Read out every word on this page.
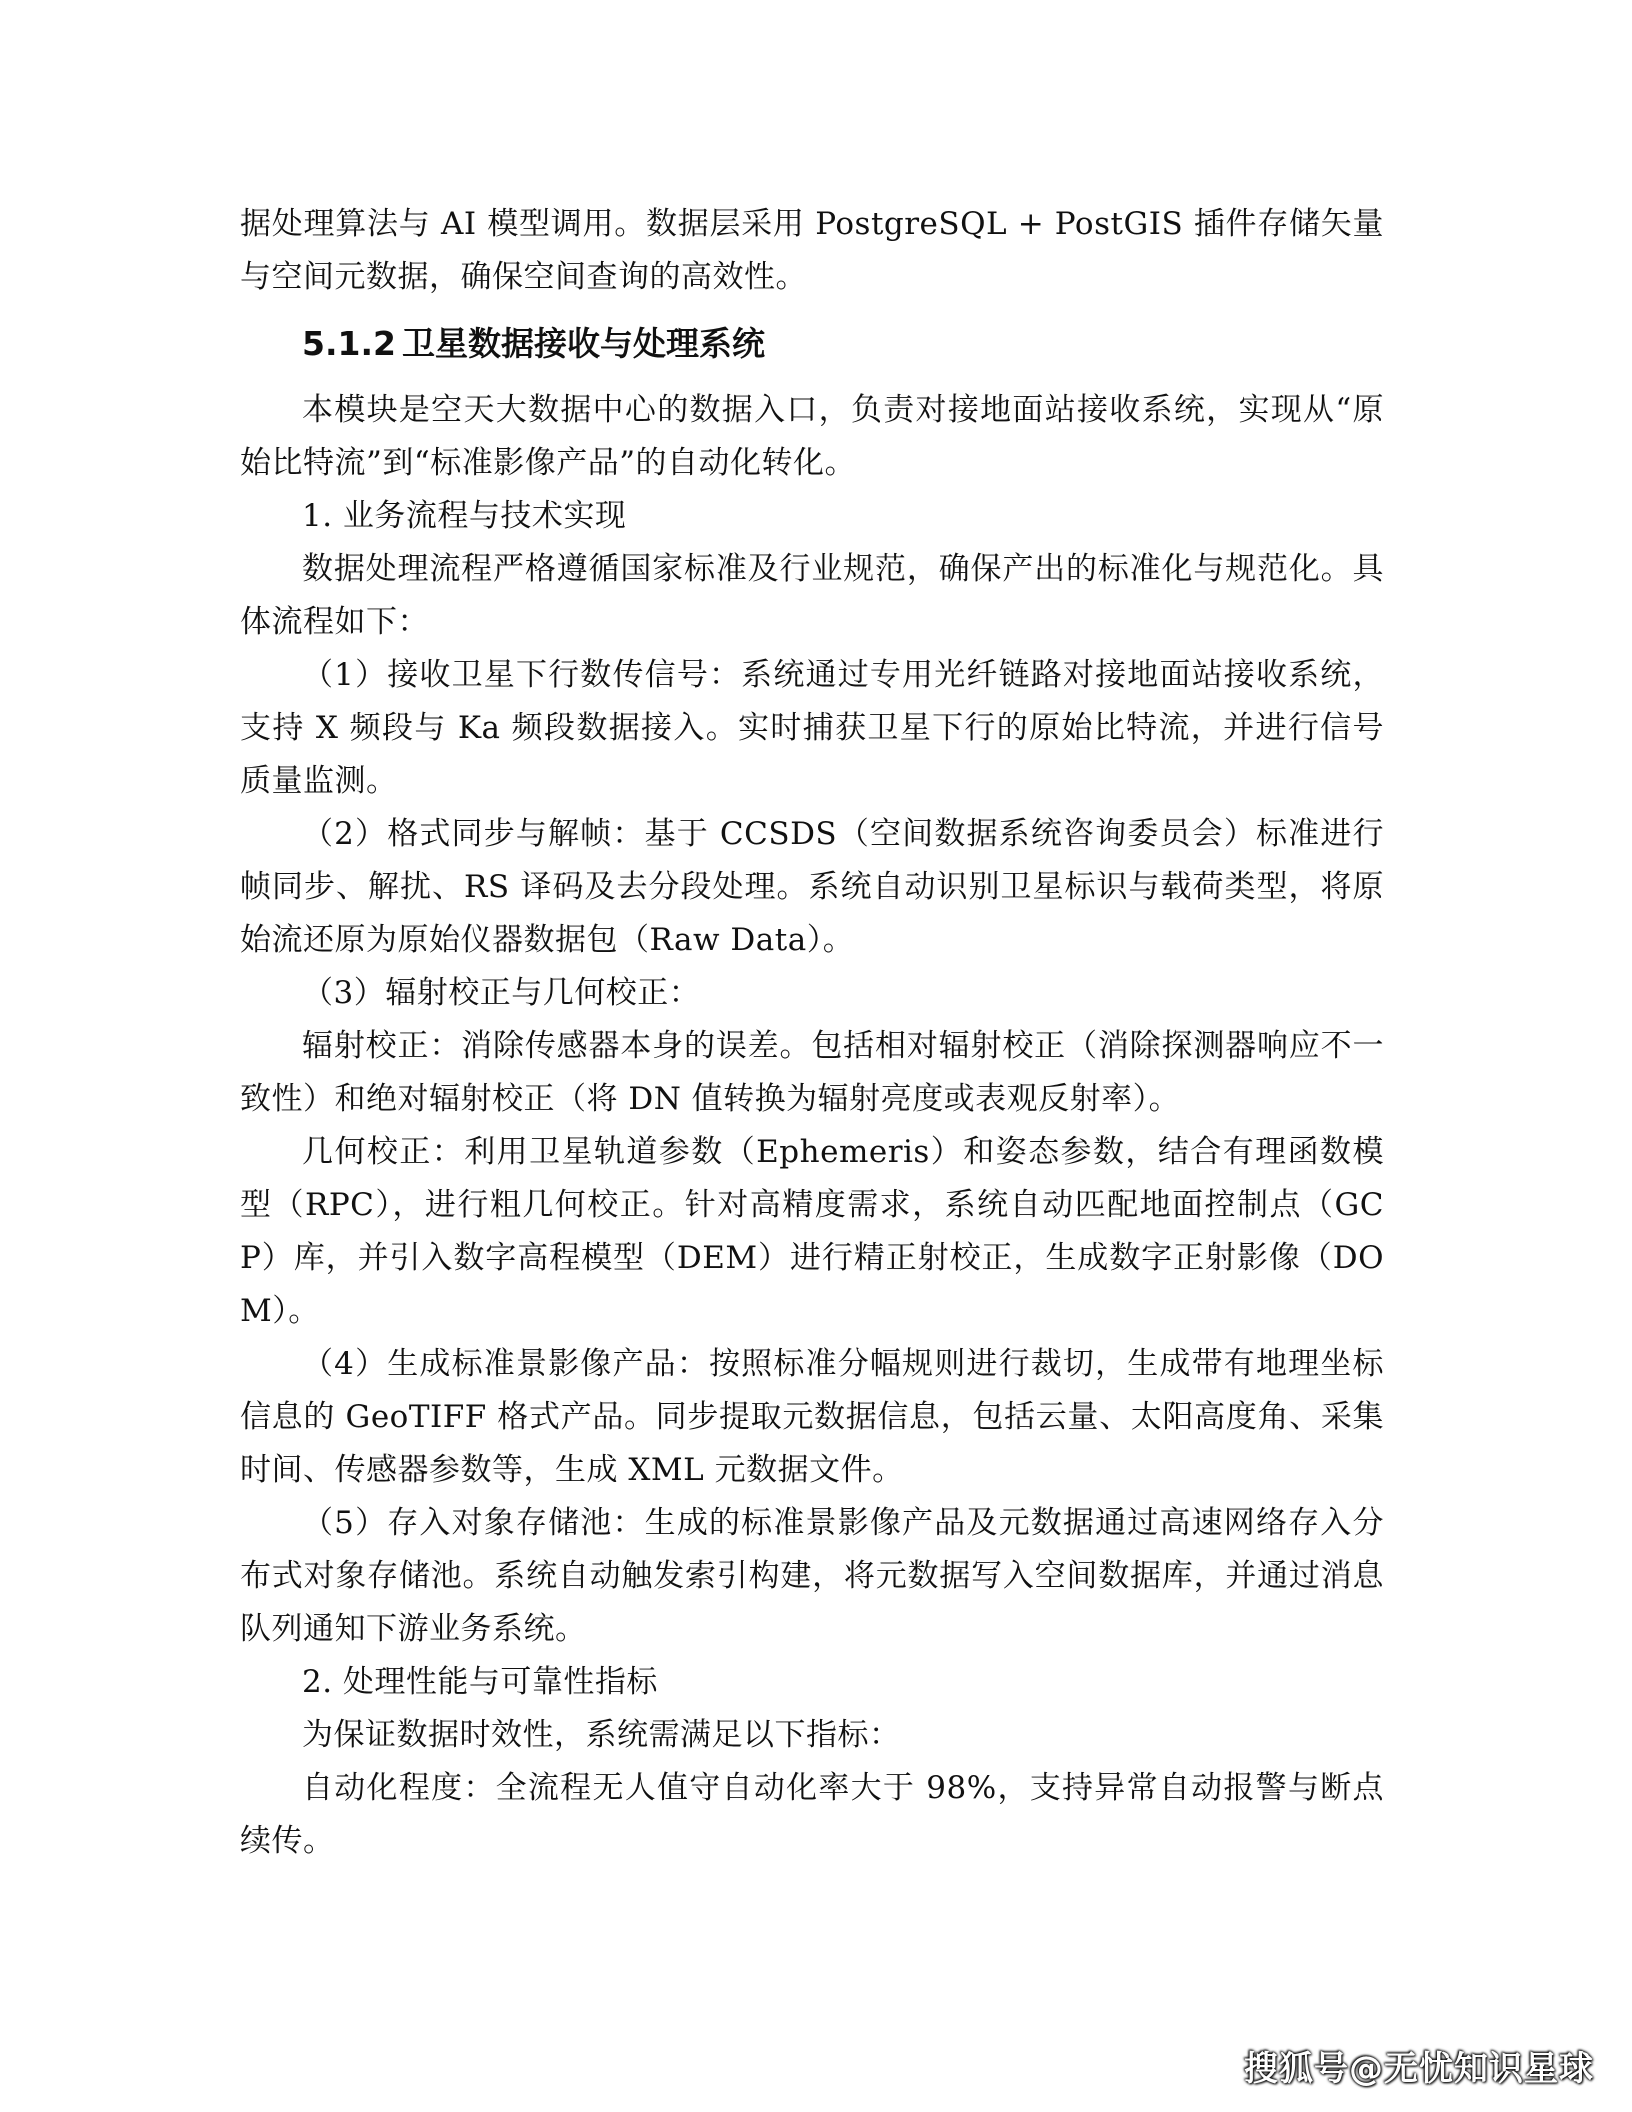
据处理算法与 AI 模型调用。数据层采用 PostgreSQL + PostGIS 插件存储矢量与空间元数据，确保空间查询的高效性。

5.1.2 卫星数据接收与处理系统

本模块是空天大数据中心的数据入口，负责对接地面站接收系统，实现从“原始比特流”到“标准影像产品”的自动化转化。

1. 业务流程与技术实现

数据处理流程严格遵循国家标准及行业规范，确保产出的标准化与规范化。具体流程如下：

（1）接收卫星下行数传信号：系统通过专用光纤链路对接地面站接收系统，支持 X 频段与 Ka 频段数据接入。实时捕获卫星下行的原始比特流，并进行信号质量监测。

（2）格式同步与解帧：基于 CCSDS（空间数据系统咨询委员会）标准进行帧同步、解扰、RS 译码及去分段处理。系统自动识别卫星标识与载荷类型，将原始流还原为原始仪器数据包（Raw Data）。

（3）辐射校正与几何校正：

辐射校正：消除传感器本身的误差。包括相对辐射校正（消除探测器响应不一致性）和绝对辐射校正（将 DN 值转换为辐射亮度或表观反射率）。

几何校正：利用卫星轨道参数（Ephemeris）和姿态参数，结合有理函数模型（RPC），进行粗几何校正。针对高精度需求，系统自动匹配地面控制点（GCP）库，并引入数字高程模型（DEM）进行精正射校正，生成数字正射影像（DOM）。

（4）生成标准景影像产品：按照标准分幅规则进行裁切，生成带有地理坐标信息的 GeoTIFF 格式产品。同步提取元数据信息，包括云量、太阳高度角、采集时间、传感器参数等，生成 XML 元数据文件。

（5）存入对象存储池：生成的标准景影像产品及元数据通过高速网络存入分布式对象存储池。系统自动触发索引构建，将元数据写入空间数据库，并通过消息队列通知下游业务系统。

2. 处理性能与可靠性指标

为保证数据时效性，系统需满足以下指标：

自动化程度：全流程无人值守自动化率大于 98%，支持异常自动报警与断点续传。

搜狐号@无忧知识星球
